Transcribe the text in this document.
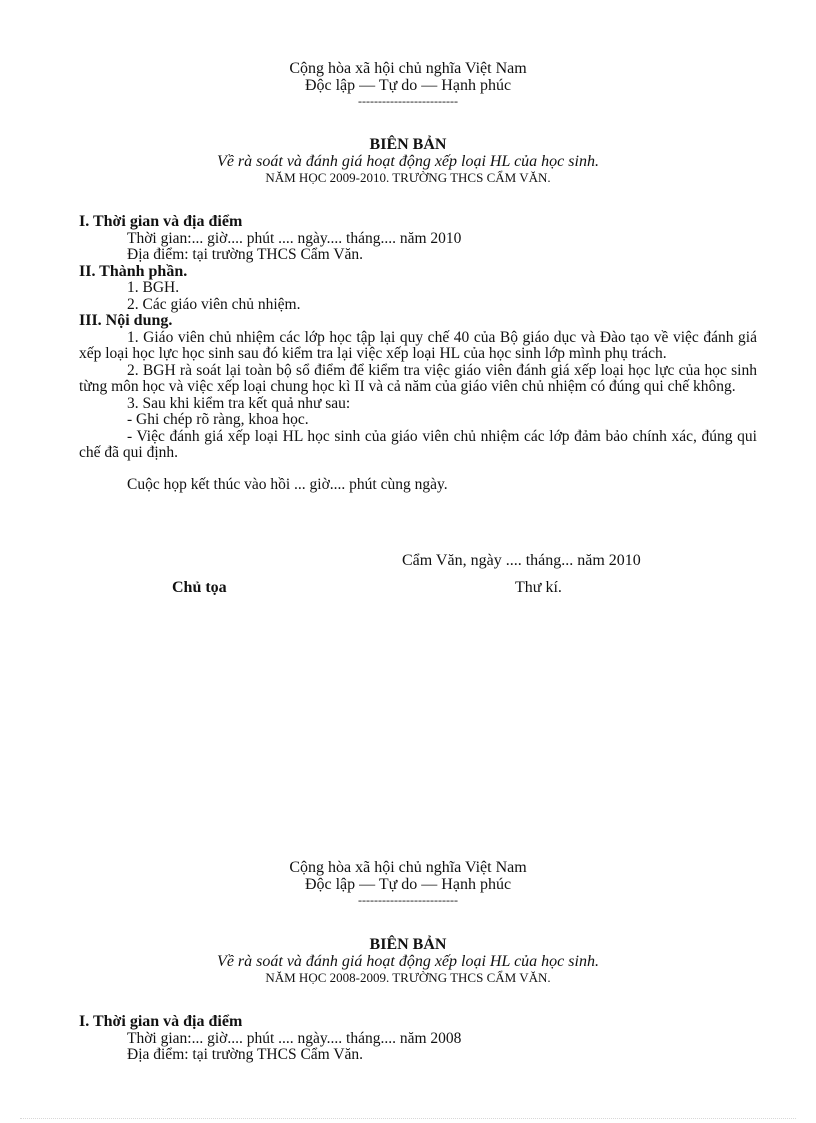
Cộng hòa xã hội chủ nghĩa Việt Nam
Độc lập — Tự do — Hạnh phúc
-------------------------
BIÊN BẢN
Về rà soát và đánh giá hoạt động xếp loại HL của học sinh.
NĂM HỌC 2009-2010. TRƯỜNG THCS CẨM VĂN.
I. Thời gian và địa điểm
Thời gian:... giờ.... phút .... ngày.... tháng.... năm 2010
Địa điểm: tại trường THCS Cẩm Văn.
II. Thành phần.
1. BGH.
2. Các giáo viên chủ nhiệm.
III. Nội dung.
1. Giáo viên chủ nhiệm các lớp học tập lại quy chế 40 của Bộ giáo dục và Đào tạo về việc đánh giá xếp loại học lực học sinh sau đó kiểm tra lại việc xếp loại HL của học sinh lớp mình phụ trách.
2. BGH rà soát lại toàn bộ sổ điểm để kiểm tra việc giáo viên đánh giá xếp loại học lực của học sinh từng môn học và việc xếp loại chung học kì II và cả năm của giáo viên chủ nhiệm có đúng qui chế không.
3. Sau khi kiểm tra kết quả như sau:
- Ghi chép rõ ràng, khoa học.
- Việc đánh giá xếp loại HL học sinh của giáo viên chủ nhiệm các lớp đảm bảo chính xác, đúng qui chế đã qui định.
Cuộc họp kết thúc vào hồi ... giờ.... phút cùng ngày.
Cẩm Văn, ngày .... tháng... năm 2010
Chủ tọa	Thư kí.
Cộng hòa xã hội chủ nghĩa Việt Nam
Độc lập — Tự do — Hạnh phúc
-------------------------
BIÊN BẢN
Về rà soát và đánh giá hoạt động xếp loại HL của học sinh.
NĂM HỌC 2008-2009. TRƯỜNG THCS CẨM VĂN.
I. Thời gian và địa điểm
Thời gian:... giờ.... phút .... ngày.... tháng.... năm 2008
Địa điểm: tại trường THCS Cẩm Văn.
